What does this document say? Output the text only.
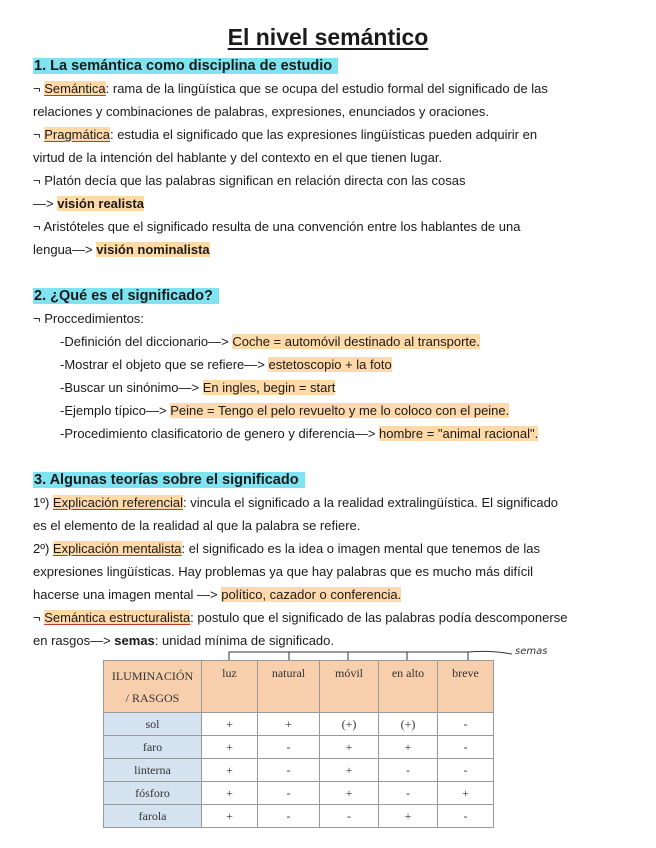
El nivel semántico
1. La semántica como disciplina de estudio
¬ Semántica: rama de la lingüística que se ocupa del estudio formal del significado de las
relaciones y combinaciones de palabras, expresiones, enunciados y oraciones.
¬ Pragmática: estudia el significado que las expresiones lingüísticas pueden adquirir en
virtud de la intención del hablante y del contexto en el que tienen lugar.
¬ Platón decía que las palabras significan en relación directa con las cosas
—> visión realista
¬ Aristóteles que el significado resulta de una convención entre los hablantes de una
lengua—> visión nominalista
2. ¿Qué es el significado?
¬ Proccedimientos:
-Definición del diccionario—> Coche = automóvil destinado al transporte.
-Mostrar el objeto que se refiere—> estetoscopio + la foto
-Buscar un sinónimo—> En ingles, begin = start
-Ejemplo típico—> Peine = Tengo el pelo revuelto y me lo coloco con el peine.
-Procedimiento clasificatorio de genero y diferencia—> hombre = "animal racional".
3. Algunas teorías sobre el significado
1º) Explicación referencial: vincula el significado a la realidad extralingüística. El significado
es el elemento de la realidad al que la palabra se refiere.
2º) Explicación mentalista: el significado es la idea o imagen mental que tenemos de las
expresiones lingüísticas. Hay problemas ya que hay palabras que es mucho más difícil
hacerse una imagen mental —> político, cazador o conferencia.
¬ Semántica estructuralista: postulo que el significado de las palabras podía descomponerse
en rasgos—> semas: unidad mínima de significado.
semas
ILUMINACIÓN
/ RASGOS	luz	natural	móvil	en alto	breve
sol	+	+	(+)	(+)	-
faro	+	-	+	+	-
linterna	+	-	+	-	-
fósforo	+	-	+	-	+
farola	+	-	-	+	-
